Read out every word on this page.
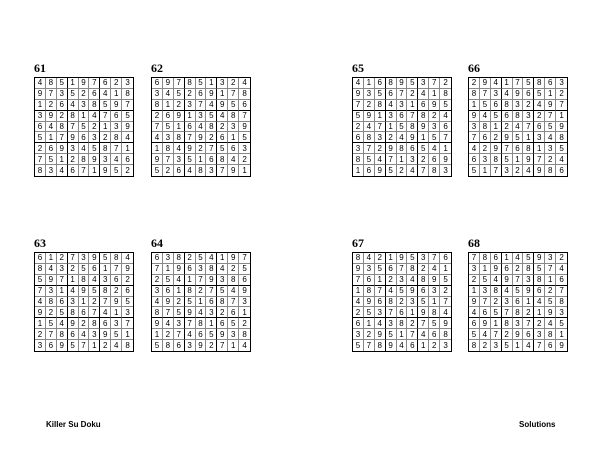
61
4 8 5 1 9 7 6 2 3
9 7 3 5 2 6 4 1 8
1 2 6 4 3 8 5 9 7
3 9 2 8 1 4 7 6 5
6 4 8 7 5 2 1 3 9
5 1 7 9 6 3 2 8 4
2 6 9 3 4 5 8 7 1
7 5 1 2 8 9 3 4 6
8 3 4 6 7 1 9 5 2
62
6 9 7 8 5 1 3 2 4
3 4 5 2 6 9 1 7 8
8 1 2 3 7 4 9 5 6
2 6 9 1 3 5 4 8 7
7 5 1 6 4 8 2 3 9
4 3 8 7 9 2 6 1 5
1 8 4 9 2 7 5 6 3
9 7 3 5 1 6 8 4 2
5 2 6 4 8 3 7 9 1
65
4 1 6 8 9 5 3 7 2
9 3 5 6 7 2 4 1 8
7 2 8 4 3 1 6 9 5
5 9 1 3 6 7 8 2 4
2 4 7 1 5 8 9 3 6
6 8 3 2 4 9 1 5 7
3 7 2 9 8 6 5 4 1
8 5 4 7 1 3 2 6 9
1 6 9 5 2 4 7 8 3
66
2 9 4 1 7 5 8 6 3
8 7 3 4 9 6 5 1 2
1 5 6 8 3 2 4 9 7
9 4 5 6 8 3 2 7 1
3 8 1 2 4 7 6 5 9
7 6 2 9 5 1 3 4 8
4 2 9 7 6 8 1 3 5
6 3 8 5 1 9 7 2 4
5 1 7 3 2 4 9 8 6
63
6 1 2 7 3 9 5 8 4
8 4 3 2 5 6 1 7 9
5 9 7 1 8 4 3 6 2
7 3 1 4 9 5 8 2 6
4 8 6 3 1 2 7 9 5
9 2 5 8 6 7 4 1 3
1 5 4 9 2 8 6 3 7
2 7 8 6 4 3 9 5 1
3 6 9 5 7 1 2 4 8
64
6 3 8 2 5 4 1 9 7
7 1 9 6 3 8 4 2 5
2 5 4 1 7 9 3 8 6
3 6 1 8 2 7 5 4 9
4 9 2 5 1 6 8 7 3
8 7 5 9 4 3 2 6 1
9 4 3 7 8 1 6 5 2
1 2 7 4 6 5 9 3 8
5 8 6 3 9 2 7 1 4
67
8 4 2 1 9 5 3 7 6
9 3 5 6 7 8 2 4 1
7 6 1 2 3 4 8 9 5
1 8 7 4 5 9 6 3 2
4 9 6 8 2 3 5 1 7
2 5 3 7 6 1 9 8 4
6 1 4 3 8 2 7 5 9
3 2 9 5 1 7 4 6 8
5 7 8 9 4 6 1 2 3
68
7 8 6 1 4 5 9 3 2
3 1 9 6 2 8 5 7 4
2 5 4 9 7 3 8 1 6
1 3 8 4 5 9 6 2 7
9 7 2 3 6 1 4 5 8
4 6 5 7 8 2 1 9 3
6 9 1 8 3 7 2 4 5
5 4 7 2 9 6 3 8 1
8 2 3 5 1 4 7 6 9
Killer Su Doku	Solutions
